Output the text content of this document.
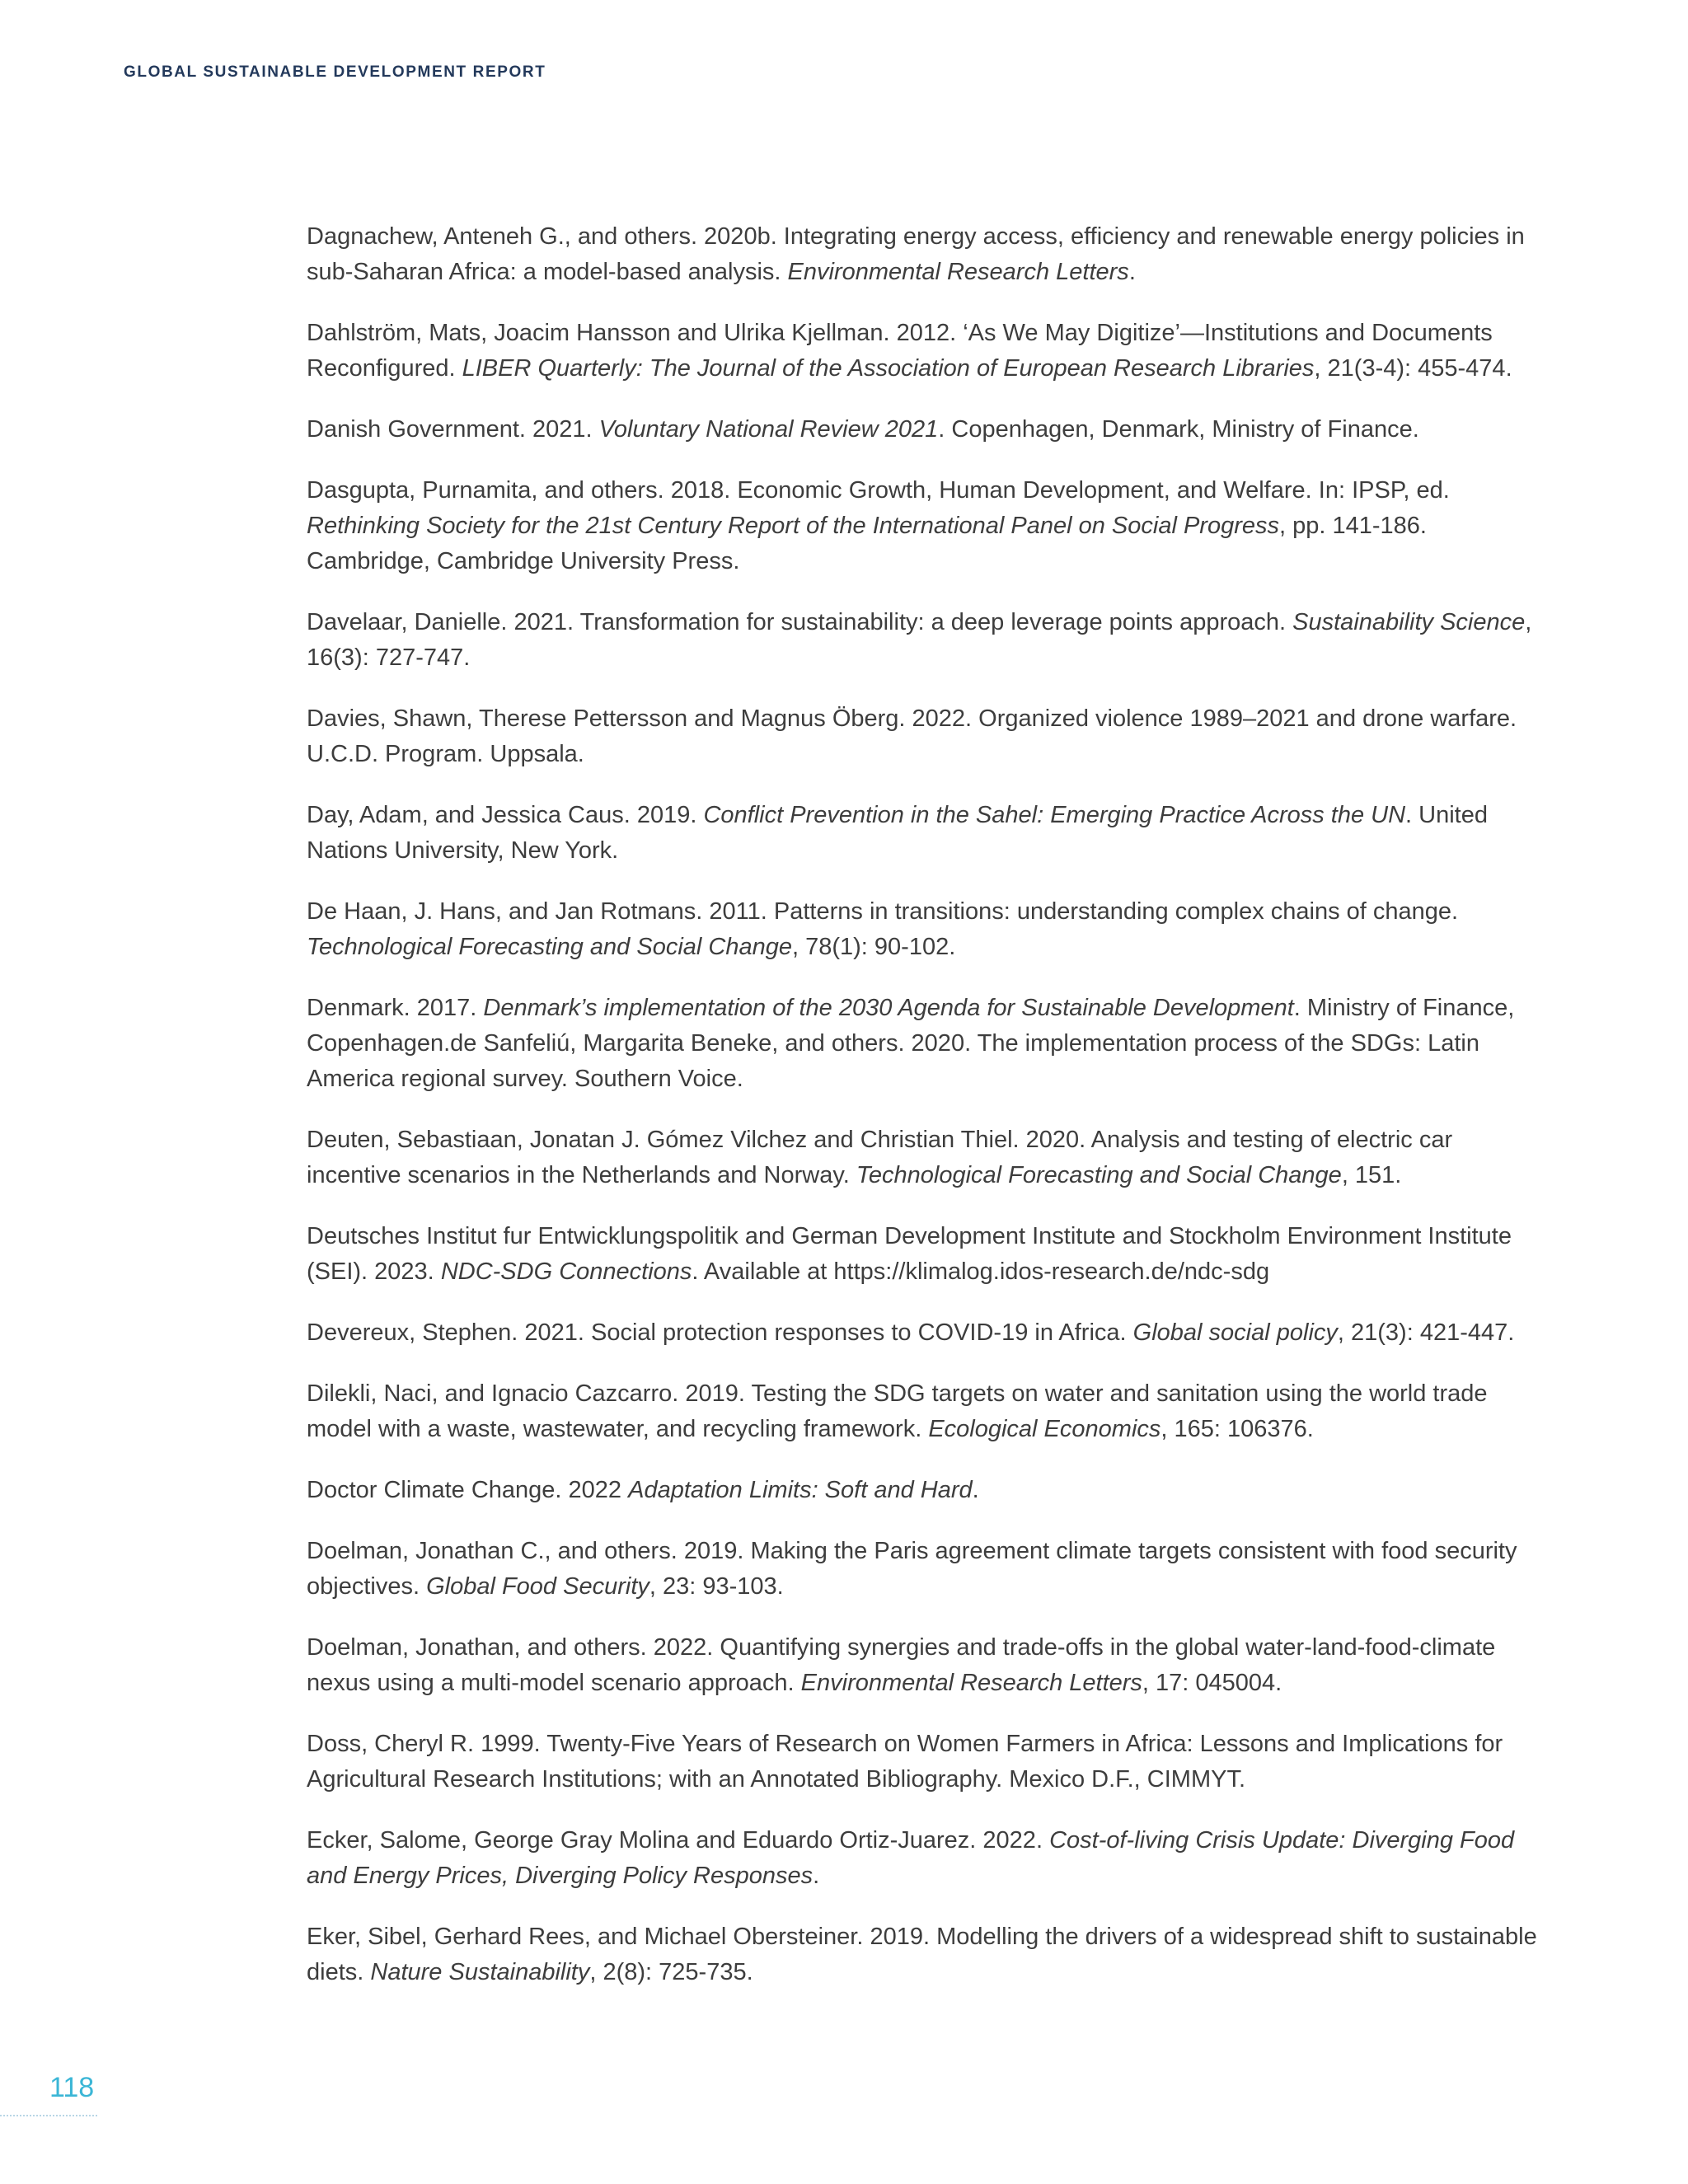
GLOBAL SUSTAINABLE DEVELOPMENT REPORT

Dagnachew, Anteneh G., and others. 2020b. Integrating energy access, efficiency and renewable energy policies in sub-Saharan Africa: a model-based analysis. Environmental Research Letters.

Dahlström, Mats, Joacim Hansson and Ulrika Kjellman. 2012. ‘As We May Digitize’—Institutions and Documents Reconfigured. LIBER Quarterly: The Journal of the Association of European Research Libraries, 21(3-4): 455-474.

Danish Government. 2021. Voluntary National Review 2021. Copenhagen, Denmark, Ministry of Finance.

Dasgupta, Purnamita, and others. 2018. Economic Growth, Human Development, and Welfare. In: IPSP, ed. Rethinking Society for the 21st Century Report of the International Panel on Social Progress, pp. 141-186. Cambridge, Cambridge University Press.

Davelaar, Danielle. 2021. Transformation for sustainability: a deep leverage points approach. Sustainability Science, 16(3): 727-747.

Davies, Shawn, Therese Pettersson and Magnus Öberg. 2022. Organized violence 1989–2021 and drone warfare. U.C.D. Program. Uppsala.

Day, Adam, and Jessica Caus. 2019. Conflict Prevention in the Sahel: Emerging Practice Across the UN. United Nations University, New York.

De Haan, J. Hans, and Jan Rotmans. 2011. Patterns in transitions: understanding complex chains of change. Technological Forecasting and Social Change, 78(1): 90-102.

Denmark. 2017. Denmark’s implementation of the 2030 Agenda for Sustainable Development. Ministry of Finance, Copenhagen.de Sanfeliú, Margarita Beneke, and others. 2020. The implementation process of the SDGs: Latin America regional survey. Southern Voice.

Deuten, Sebastiaan, Jonatan J. Gómez Vilchez and Christian Thiel. 2020. Analysis and testing of electric car incentive scenarios in the Netherlands and Norway. Technological Forecasting and Social Change, 151.

Deutsches Institut fur Entwicklungspolitik and German Development Institute and Stockholm Environment Institute (SEI). 2023. NDC-SDG Connections. Available at https://klimalog.idos-research.de/ndc-sdg

Devereux, Stephen. 2021. Social protection responses to COVID-19 in Africa. Global social policy, 21(3): 421-447.

Dilekli, Naci, and Ignacio Cazcarro. 2019. Testing the SDG targets on water and sanitation using the world trade model with a waste, wastewater, and recycling framework. Ecological Economics, 165: 106376.

Doctor Climate Change. 2022 Adaptation Limits: Soft and Hard.

Doelman, Jonathan C., and others. 2019. Making the Paris agreement climate targets consistent with food security objectives. Global Food Security, 23: 93-103.

Doelman, Jonathan, and others. 2022. Quantifying synergies and trade-offs in the global water-land-food-climate nexus using a multi-model scenario approach. Environmental Research Letters, 17: 045004.

Doss, Cheryl R. 1999. Twenty-Five Years of Research on Women Farmers in Africa: Lessons and Implications for Agricultural Research Institutions; with an Annotated Bibliography. Mexico D.F., CIMMYT.

Ecker, Salome, George Gray Molina and Eduardo Ortiz-Juarez. 2022. Cost-of-living Crisis Update: Diverging Food and Energy Prices, Diverging Policy Responses.

Eker, Sibel, Gerhard Rees, and Michael Obersteiner. 2019. Modelling the drivers of a widespread shift to sustainable diets. Nature Sustainability, 2(8): 725-735.

118
